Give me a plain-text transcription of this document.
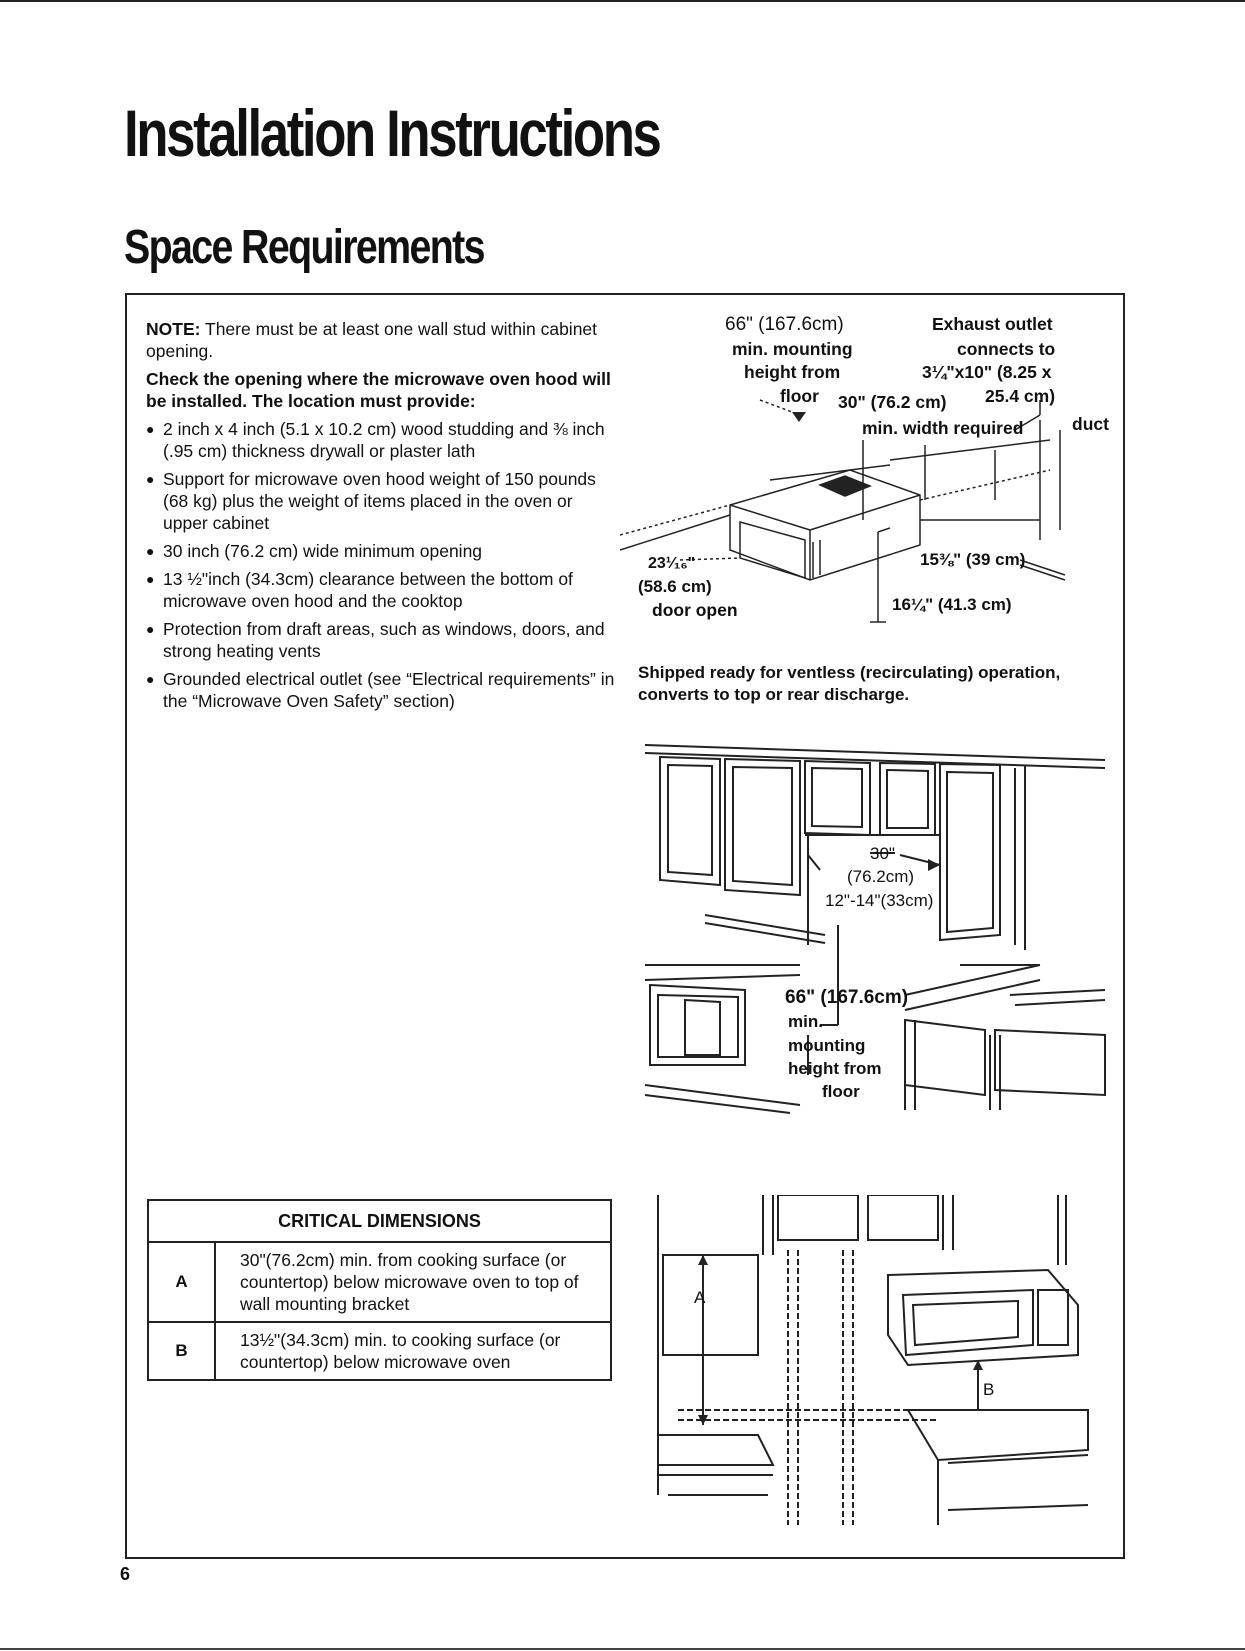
Installation Instructions
Space Requirements

NOTE: There must be at least one wall stud within cabinet opening.

Check the opening where the microwave oven hood will be installed. The location must provide:

● 2 inch x 4 inch (5.1 x 10.2 cm) wood studding and ⅜ inch (.95 cm) thickness drywall or plaster lath
● Support for microwave oven hood weight of 150 pounds (68 kg) plus the weight of items placed in the oven or upper cabinet
● 30 inch (76.2 cm) wide minimum opening
● 13 ½"inch (34.3cm) clearance between the bottom of microwave oven hood and the cooktop
● Protection from draft areas, such as windows, doors, and strong heating vents
● Grounded electrical outlet (see “Electrical requirements” in the “Microwave Oven Safety” section)
CRITICAL DIMENSIONS	
A	30"(76.2cm) min. from cooking surface (or countertop) below microwave oven to top of wall mounting bracket
B	13½"(34.3cm) min. to cooking surface (or countertop) below microwave oven
66" (167.6cm)
min. mounting
height from
floor
Exhaust outlet
connects to
3¼"x10" (8.25 x
25.4 cm)
duct
30" (76.2 cm)
min. width required
23¹⁄₁₆"
(58.6 cm)
door open
15⅜" (39 cm)
16¼" (41.3 cm)

Shipped ready for ventless (recirculating) operation, converts to top or rear discharge.

30"
(76.2cm)
12"-14"(33cm)
66" (167.6cm)
min.
mounting
height from
floor
A
B
6
